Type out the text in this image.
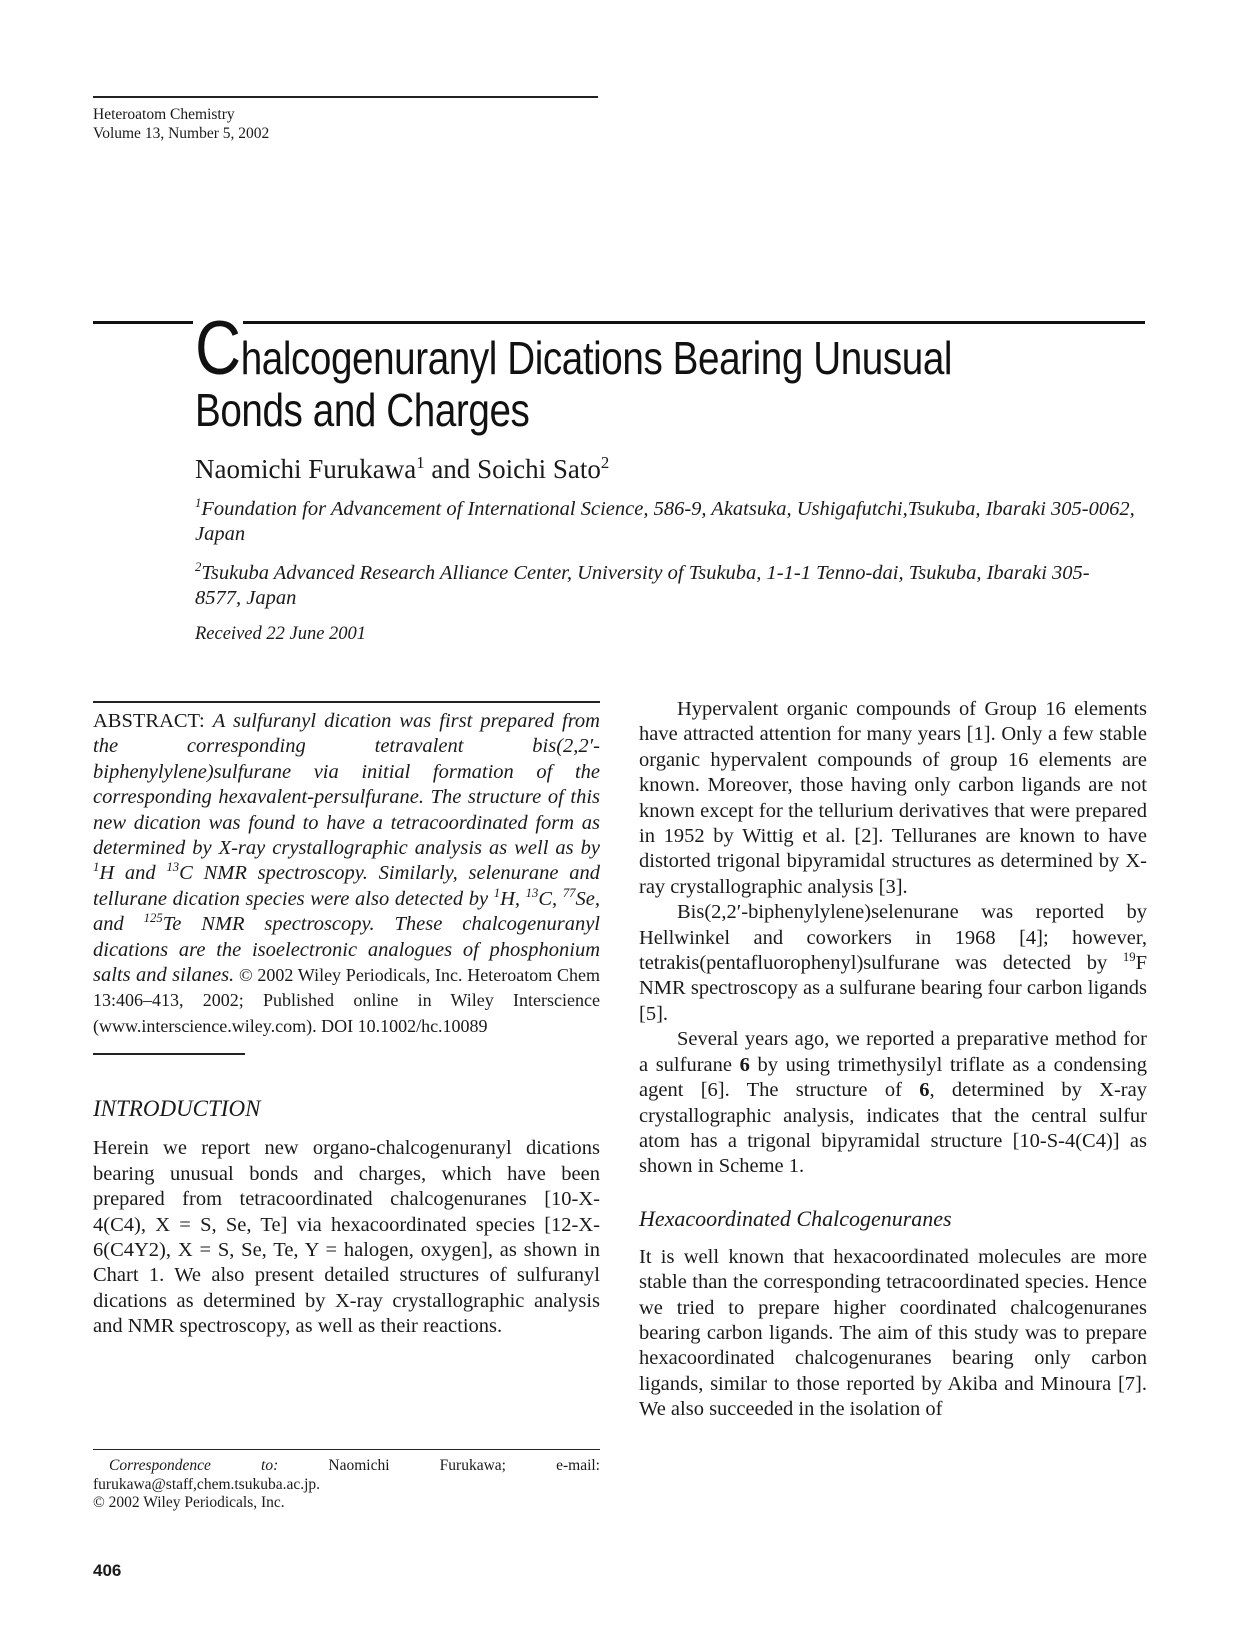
Heteroatom Chemistry
Volume 13, Number 5, 2002
Chalcogenuranyl Dications Bearing Unusual
Bonds and Charges
Naomichi Furukawa$^1$ and Soichi Sato$^2$
$^1$Foundation for Advancement of International Science, 586-9, Akatsuka, Ushigafutchi,Tsukuba, Ibaraki 305-0062, Japan
$^2$Tsukuba Advanced Research Alliance Center, University of Tsukuba, 1-1-1 Tenno-dai, Tsukuba, Ibaraki 305-8577, Japan
Received 22 June 2001
ABSTRACT: A sulfuranyl dication was first prepared from the corresponding tetravalent bis(2,2′-biphenylylene)sulfurane via initial formation of the corresponding hexavalent-persulfurane. The structure of this new dication was found to have a tetracoordinated form as determined by X-ray crystallographic analysis as well as by $^1$H and $^{13}$C NMR spectroscopy. Similarly, selenurane and tellurane dication species were also detected by $^1$H, $^{13}$C, $^{77}$Se, and $^{125}$Te NMR spectroscopy. These chalcogenuranyl dications are the isoelectronic analogues of phosphonium salts and silanes. © 2002 Wiley Periodicals, Inc. Heteroatom Chem 13:406–413, 2002; Published online in Wiley Interscience (www.interscience.wiley.com). DOI 10.1002/hc.10089
INTRODUCTION

Herein we report new organo-chalcogenuranyl dications bearing unusual bonds and charges, which have been prepared from tetracoordinated chalcogenuranes [10-X-4(C4), X = S, Se, Te] via hexacoordinated species [12-X-6(C4Y2), X = S, Se, Te, Y = halogen, oxygen], as shown in Chart 1. We also present detailed structures of sulfuranyl dications as determined by X-ray crystallographic analysis and NMR spectroscopy, as well as their reactions.

Hypervalent organic compounds of Group 16 elements have attracted attention for many years [1]. Only a few stable organic hypervalent compounds of group 16 elements are known. Moreover, those having only carbon ligands are not known except for the tellurium derivatives that were prepared in 1952 by Wittig et al. [2]. Telluranes are known to have distorted trigonal bipyramidal structures as determined by X-ray crystallographic analysis [3].

Bis(2,2′-biphenylylene)selenurane was reported by Hellwinkel and coworkers in 1968 [4]; however, tetrakis(pentafluorophenyl)sulfurane was detected by $^{19}$F NMR spectroscopy as a sulfurane bearing four carbon ligands [5].

Several years ago, we reported a preparative method for a sulfurane 6 by using trimethysilyl triflate as a condensing agent [6]. The structure of 6, determined by X-ray crystallographic analysis, indicates that the central sulfur atom has a trigonal bipyramidal structure [10-S-4(C4)] as shown in Scheme 1.

Hexacoordinated Chalcogenuranes

It is well known that hexacoordinated molecules are more stable than the corresponding tetracoordinated species. Hence we tried to prepare higher coordinated chalcogenuranes bearing carbon ligands. The aim of this study was to prepare hexacoordinated chalcogenuranes bearing only carbon ligands, similar to those reported by Akiba and Minoura [7]. We also succeeded in the isolation of

Correspondence to: Naomichi Furukawa; e-mail: furukawa@staff,chem.tsukuba.ac.jp.
© 2002 Wiley Periodicals, Inc.
406
